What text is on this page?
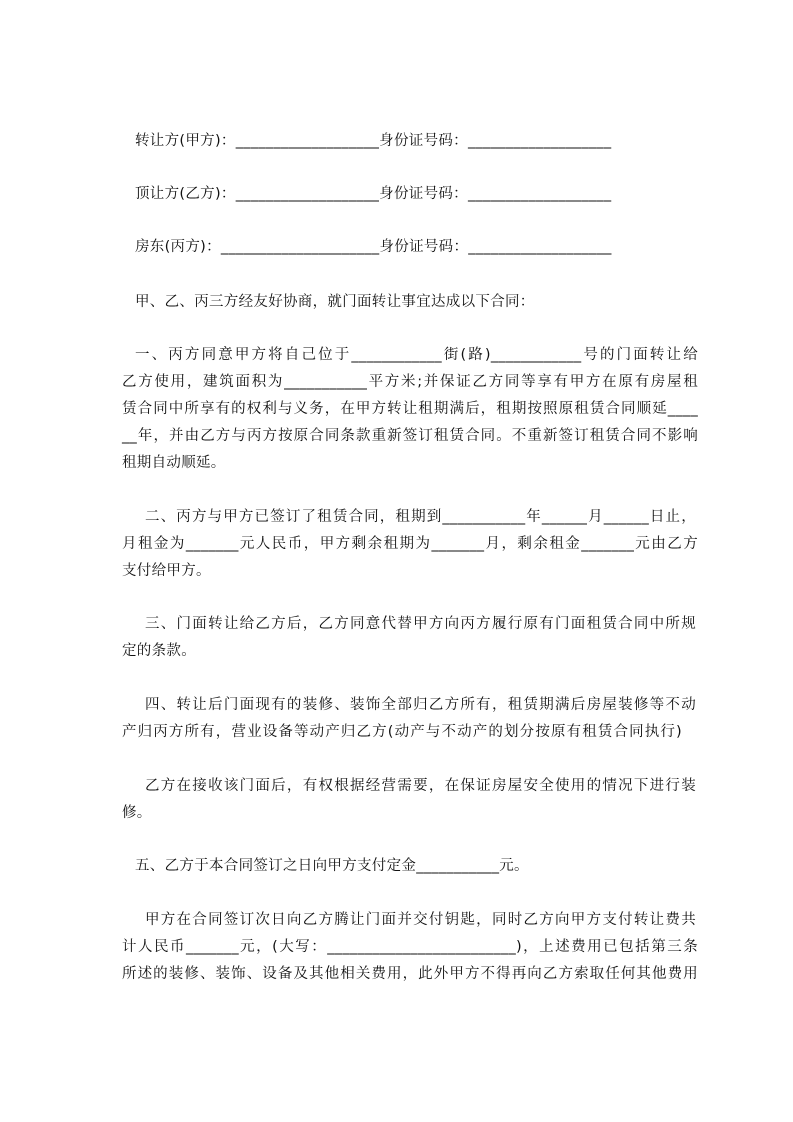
转让方(甲方)：___________________身份证号码：___________________
顶让方(乙方)：___________________身份证号码：___________________
房东(丙方)：_____________________身份证号码：___________________
甲、乙、丙三方经友好协商，就门面转让事宜达成以下合同：
一、丙方同意甲方将自己位于____________街(路)____________号的门面转让给
乙方使用，建筑面积为___________平方米;并保证乙方同等享有甲方在原有房屋租
赁合同中所享有的权利与义务，在甲方转让租期满后，租期按照原租赁合同顺延____
__年，并由乙方与丙方按原合同条款重新签订租赁合同。不重新签订租赁合同不影响
租期自动顺延。
二、丙方与甲方已签订了租赁合同，租期到___________年______月______日止，
月租金为_______元人民币，甲方剩余租期为_______月，剩余租金_______元由乙方
支付给甲方。
三、门面转让给乙方后，乙方同意代替甲方向丙方履行原有门面租赁合同中所规
定的条款。
四、转让后门面现有的装修、装饰全部归乙方所有，租赁期满后房屋装修等不动
产归丙方所有，营业设备等动产归乙方(动产与不动产的划分按原有租赁合同执行)
乙方在接收该门面后，有权根据经营需要，在保证房屋安全使用的情况下进行装
修。
五、乙方于本合同签订之日向甲方支付定金___________元。
甲方在合同签订次日向乙方腾让门面并交付钥匙，同时乙方向甲方支付转让费共
计人民币_______元，(大写：_________________________)，上述费用已包括第三条
所述的装修、装饰、设备及其他相关费用，此外甲方不得再向乙方索取任何其他费用
